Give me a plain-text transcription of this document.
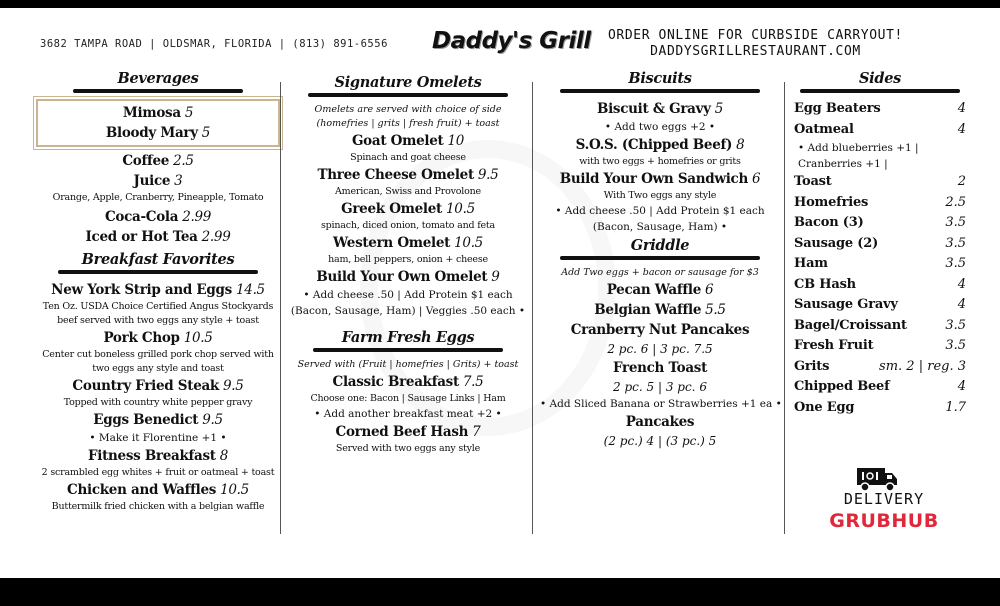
3682 TAMPA ROAD | OLDSMAR, FLORIDA | (813) 891-6556 Daddy's Grill ORDER ONLINE FOR CURBSIDE CARRYOUT!
DADDYSGRILLRESTAURANT.COM
Beverages
Mimosa 5
Bloody Mary 5
Coffee 2.5
Juice 3
Orange, Apple, Cranberry, Pineapple, Tomato
Coca-Cola 2.99
Iced or Hot Tea 2.99
Breakfast Favorites
New York Strip and Eggs 14.5
Ten Oz. USDA Choice Certified Angus Stockyards
beef served with two eggs any style + toast
Pork Chop 10.5
Center cut boneless grilled pork chop served with
two eggs any style and toast
Country Fried Steak 9.5
Topped with country white pepper gravy
Eggs Benedict 9.5
• Make it Florentine +1 •
Fitness Breakfast 8
2 scrambled egg whites + fruit or oatmeal + toast
Chicken and Waffles 10.5
Buttermilk fried chicken with a belgian waffle
Signature Omelets
Omelets are served with choice of side
(homefries | grits | fresh fruit) + toast
Goat Omelet 10
Spinach and goat cheese
Three Cheese Omelet 9.5
American, Swiss and Provolone
Greek Omelet 10.5
spinach, diced onion, tomato and feta
Western Omelet 10.5
ham, bell peppers, onion + cheese
Build Your Own Omelet 9
• Add cheese .50 | Add Protein $1 each
(Bacon, Sausage, Ham) | Veggies .50 each •
Farm Fresh Eggs
Served with (Fruit | homefries | Grits) + toast
Classic Breakfast 7.5
Choose one: Bacon | Sausage Links | Ham
• Add another breakfast meat +2 •
Corned Beef Hash 7
Served with two eggs any style
Biscuits
Biscuit & Gravy 5
• Add two eggs +2 •
S.O.S. (Chipped Beef) 8
with two eggs + homefries or grits
Build Your Own Sandwich 6
With Two eggs any style
• Add cheese .50 | Add Protein $1 each
(Bacon, Sausage, Ham) •
Griddle
Add Two eggs + bacon or sausage for $3
Pecan Waffle 6
Belgian Waffle 5.5
Cranberry Nut Pancakes
2 pc. 6 | 3 pc. 7.5
French Toast
2 pc. 5 | 3 pc. 6
• Add Sliced Banana or Strawberries +1 ea •
Pancakes
(2 pc.) 4 | (3 pc.) 5
Sides
Egg Beaters	4
Oatmeal	4
• Add blueberries +1 |
Cranberries +1 |
Toast	2
Homefries	2.5
Bacon (3)	3.5
Sausage (2)	3.5
Ham	3.5
CB Hash	4
Sausage Gravy	4
Bagel/Croissant	3.5
Fresh Fruit	3.5
Grits	sm. 2 | reg. 3
Chipped Beef	4
One Egg	1.7
DELIVERY
GRUBHUB
